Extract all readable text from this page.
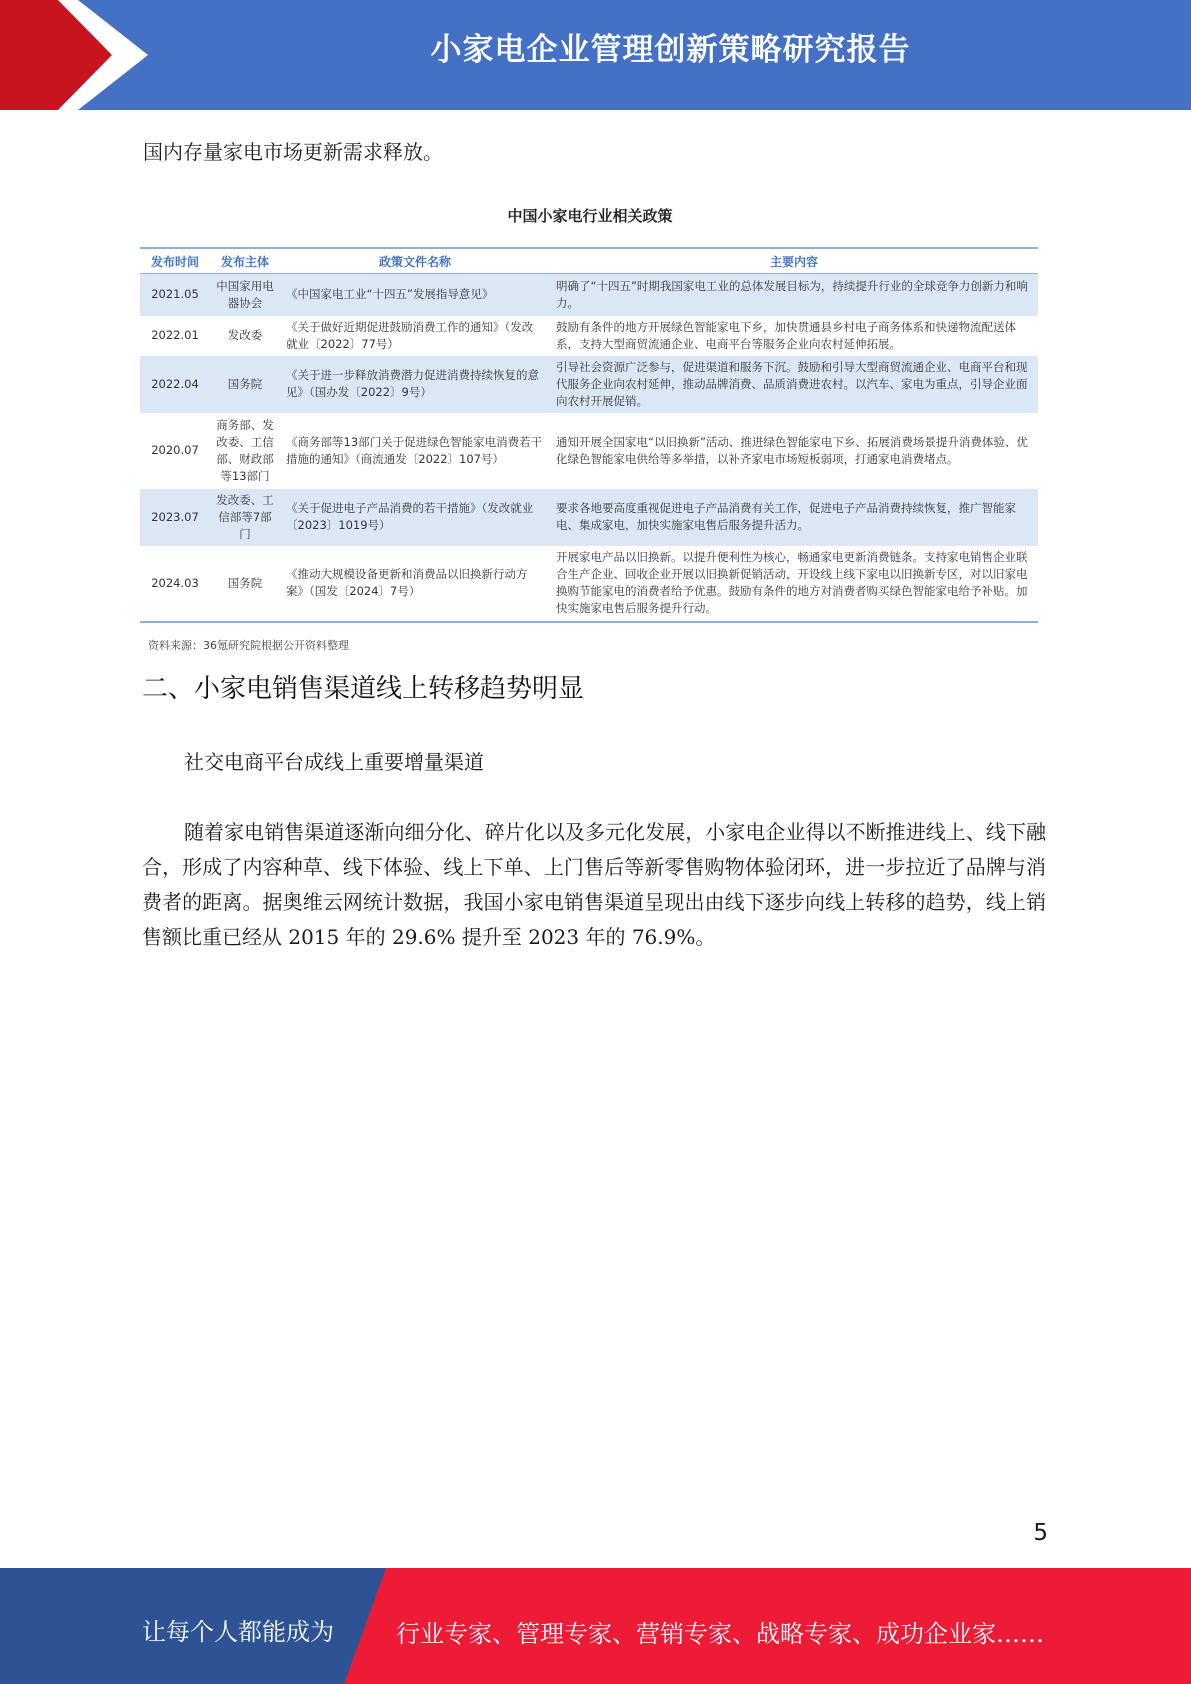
小家电企业管理创新策略研究报告
国内存量家电市场更新需求释放。
中国小家电行业相关政策
发布时间	发布主体	政策文件名称	主要内容
2021.05	中国家用电器协会	《中国家电工业“十四五”发展指导意见》	明确了“十四五”时期我国家电工业的总体发展目标为，持续提升行业的全球竞争力创新力和响力。
2022.01	发改委	《关于做好近期促进鼓励消费工作的通知》（发改就业〔2022〕77号）	鼓励有条件的地方开展绿色智能家电下乡，加快贯通县乡村电子商务体系和快递物流配送体系，支持大型商贸流通企业、电商平台等服务企业向农村延伸拓展。
2022.04	国务院	《关于进一步释放消费潜力促进消费持续恢复的意见》（国办发〔2022〕9号）	引导社会资源广泛参与，促进渠道和服务下沉。鼓励和引导大型商贸流通企业、电商平台和现代服务企业向农村延伸，推动品牌消费、品质消费进农村。以汽车、家电为重点，引导企业面向农村开展促销。
2020.07	商务部、发改委、工信部、财政部等13部门	《商务部等13部门关于促进绿色智能家电消费若干措施的通知》（商流通发〔2022〕107号）	通知开展全国家电“以旧换新”活动、推进绿色智能家电下乡、拓展消费场景提升消费体验、优化绿色智能家电供给等多举措，以补齐家电市场短板弱项，打通家电消费堵点。
2023.07	发改委、工信部等7部门	《关于促进电子产品消费的若干措施》（发改就业〔2023〕1019号）	要求各地要高度重视促进电子产品消费有关工作，促进电子产品消费持续恢复，推广智能家电、集成家电，加快实施家电售后服务提升活力。
2024.03	国务院	《推动大规模设备更新和消费品以旧换新行动方案》（国发〔2024〕7号）	开展家电产品以旧换新。以提升便利性为核心，畅通家电更新消费链条。支持家电销售企业联合生产企业、回收企业开展以旧换新促销活动，开设线上线下家电以旧换新专区，对以旧家电换购节能家电的消费者给予优惠。鼓励有条件的地方对消费者购买绿色智能家电给予补贴。加快实施家电售后服务提升行动。
资料来源：36氪研究院根据公开资料整理
二、小家电销售渠道线上转移趋势明显
社交电商平台成线上重要增量渠道

随着家电销售渠道逐渐向细分化、碎片化以及多元化发展，小家电企业得以不断推进线上、线下融合，形成了内容种草、线下体验、线上下单、上门售后等新零售购物体验闭环，进一步拉近了品牌与消费者的距离。据奥维云网统计数据，我国小家电销售渠道呈现出由线下逐步向线上转移的趋势，线上销售额比重已经从 2015 年的 29.6% 提升至 2023 年的 76.9%。

5
让每个人都能成为	行业专家、管理专家、营销专家、战略专家、成功企业家……
